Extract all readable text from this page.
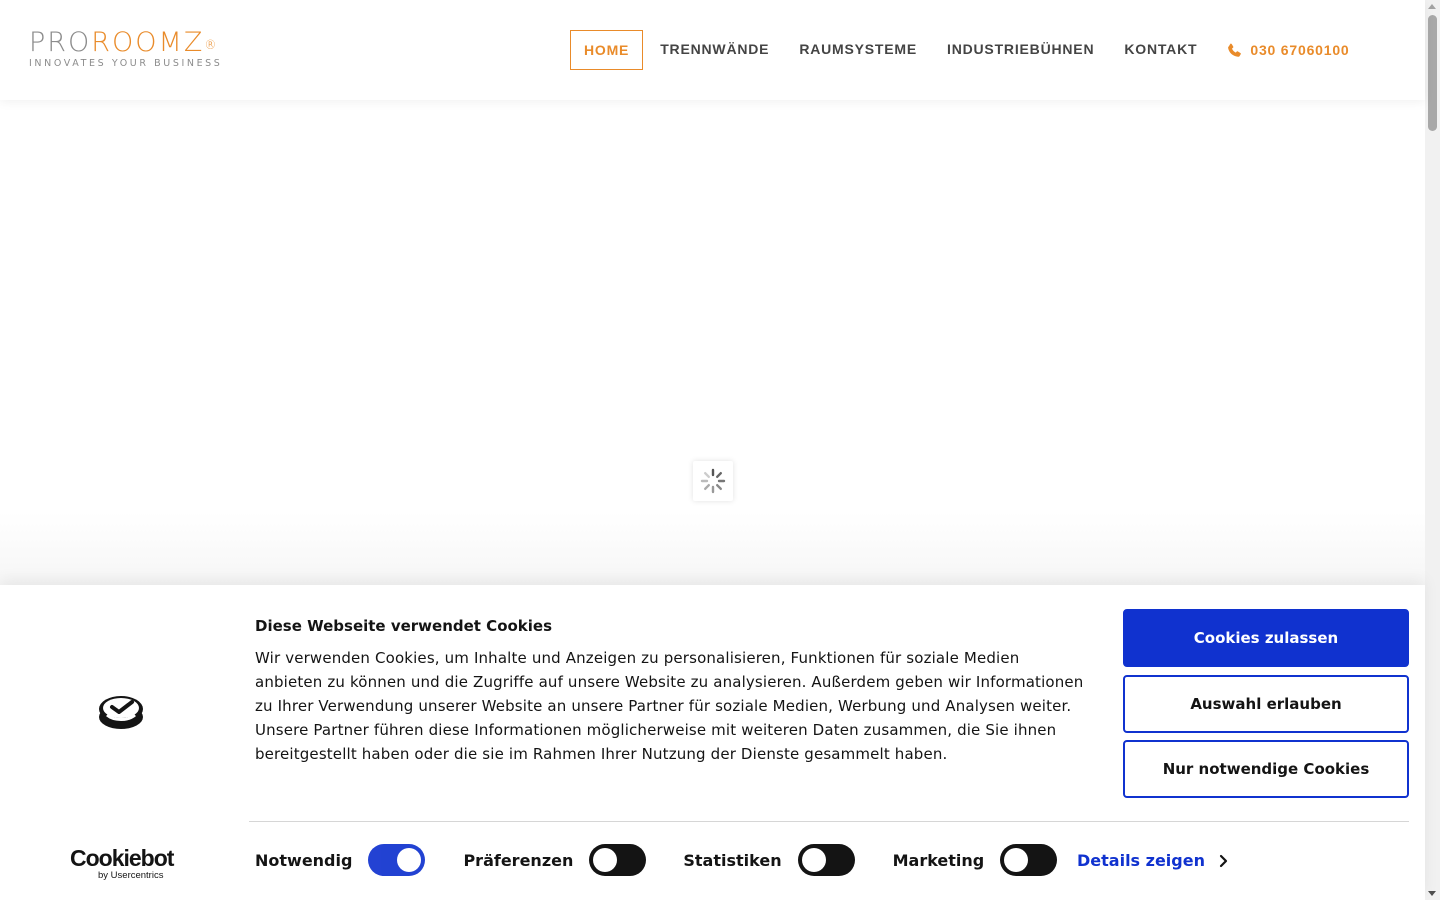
PROROOMZ®
INNOVATES YOUR BUSINESS
HOME	TRENNWÄNDE	RAUMSYSTEME	INDUSTRIEBÜHNEN	KONTAKT	030 67060100
Cookiebot
by Usercentrics
Diese Webseite verwendet Cookies
Wir verwenden Cookies, um Inhalte und Anzeigen zu personalisieren, Funktionen für soziale Medien anbieten zu können und die Zugriffe auf unsere Website zu analysieren. Außerdem geben wir Informationen zu Ihrer Verwendung unserer Website an unsere Partner für soziale Medien, Werbung und Analysen weiter. Unsere Partner führen diese Informationen möglicherweise mit weiteren Daten zusammen, die Sie ihnen bereitgestellt haben oder die sie im Rahmen Ihrer Nutzung der Dienste gesammelt haben.
Cookies zulassen
Auswahl erlauben
Nur notwendige Cookies
Notwendig	Präferenzen	Statistiken	Marketing	Details zeigen
